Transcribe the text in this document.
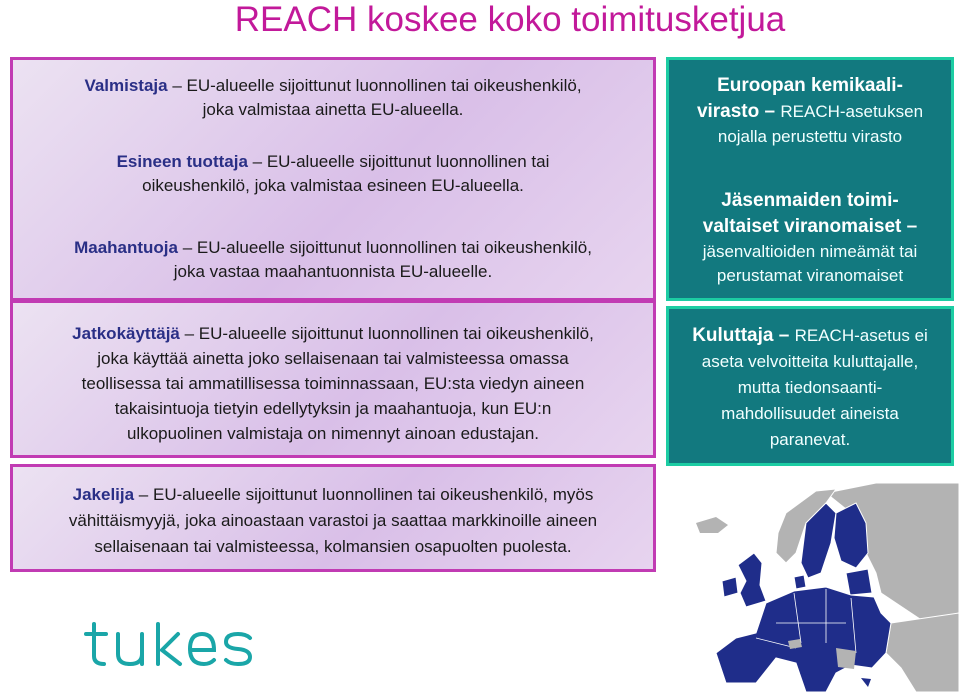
REACH koskee koko toimitusketjua
Valmistaja – EU-alueelle sijoittunut luonnollinen tai oikeushenkilö,
joka valmistaa ainetta EU-alueella.
Esineen tuottaja – EU-alueelle sijoittunut luonnollinen tai
oikeushenkilö, joka valmistaa esineen EU-alueella.
Maahantuoja – EU-alueelle sijoittunut luonnollinen tai oikeushenkilö,
joka vastaa maahantuonnista EU-alueelle.
Jatkokäyttäjä – EU-alueelle sijoittunut luonnollinen tai oikeushenkilö,
joka käyttää ainetta joko sellaisenaan tai valmisteessa omassa
teollisessa tai ammatillisessa toiminnassaan, EU:sta viedyn aineen
takaisintuoja tietyin edellytyksin ja maahantuoja, kun EU:n
ulkopuolinen valmistaja on nimennyt ainoan edustajan.
Jakelija – EU-alueelle sijoittunut luonnollinen tai oikeushenkilö, myös
vähittäismyyjä, joka ainoastaan varastoi ja saattaa markkinoille aineen
sellaisenaan tai valmisteessa, kolmansien osapuolten puolesta.
Euroopan kemikaali-
virasto – REACH-asetuksen
nojalla perustettu virasto
Jäsenmaiden toimi-
valtaiset viranomaiset –
jäsenvaltioiden nimeämät tai
perustamat viranomaiset
Kuluttaja – REACH-asetus ei
aseta velvoitteita kuluttajalle,
mutta tiedonsaanti-
mahdollisuudet aineista
paranevat.
